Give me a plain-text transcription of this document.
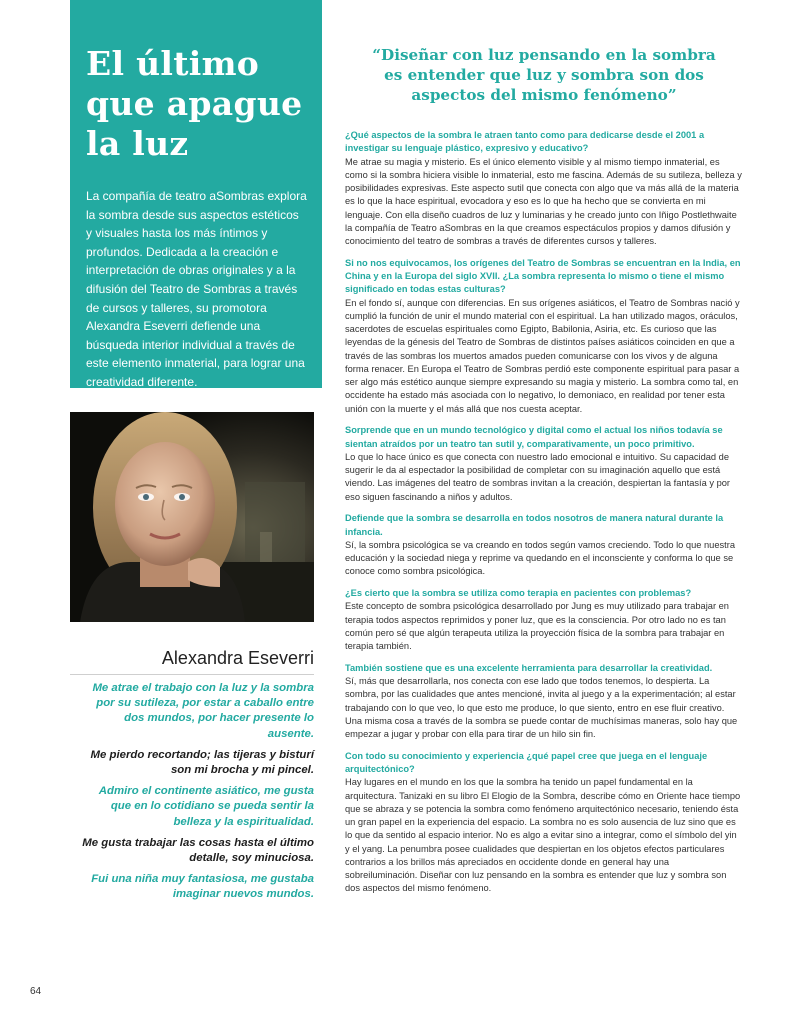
El último
que apague
la luz

La compañía de teatro aSombras explora la sombra desde sus aspectos estéticos y visuales hasta los más íntimos y profundos. Dedicada a la creación e interpretación de obras originales y a la difusión del Teatro de Sombras a través de cursos y talleres, su promotora Alexandra Eseverri defiende una búsqueda interior individual a través de este elemento inmaterial, para lograr una creatividad diferente.

Alexandra Eseverri

Me atrae el trabajo con la luz y la sombra por su sutileza, por estar a caballo entre dos mundos, por hacer presente lo ausente.

Me pierdo recortando; las tijeras y bisturí son mi brocha y mi pincel.

Admiro el continente asiático, me gusta que en lo cotidiano se pueda sentir la belleza y la espiritualidad.

Me gusta trabajar las cosas hasta el último detalle, soy minuciosa.

Fui una niña muy fantasiosa, me gustaba imaginar nuevos mundos.

“Diseñar con luz pensando en la sombra
es entender que luz y sombra son dos
aspectos del mismo fenómeno”

¿Qué aspectos de la sombra le atraen tanto como para dedicarse desde el 2001 a investigar su lenguaje plástico, expresivo y educativo?

Me atrae su magia y misterio. Es el único elemento visible y al mismo tiempo inmaterial, es como si la sombra hiciera visible lo inmaterial, esto me fascina. Además de su sutileza, belleza y posibilidades expresivas. Este aspecto sutil que conecta con algo que va más allá de la materia es lo que la hace espiritual, evocadora y eso es lo que ha hecho que se convierta en mi lenguaje. Con ella diseño cuadros de luz y luminarias y he creado junto con Iñigo Postlethwaite la compañía de Teatro aSombras en la que creamos espectáculos propios y damos difusión y conocimiento del teatro de sombras a través de diferentes cursos y talleres.

Si no nos equivocamos, los orígenes del Teatro de Sombras se encuentran en la India, en China y en la Europa del siglo XVII. ¿La sombra representa lo mismo o tiene el mismo significado en todas estas culturas?

En el fondo sí, aunque con diferencias. En sus orígenes asiáticos, el Teatro de Sombras nació y cumplió la función de unir el mundo material con el espiritual. La han utilizado magos, oráculos, sacerdotes de escuelas espirituales como Egipto, Babilonia, Asiria, etc. Es curioso que las leyendas de la génesis del Teatro de Sombras de distintos países asiáticos coinciden en que a través de las sombras los muertos amados pueden comunicarse con los vivos y de alguna forma renacer. En Europa el Teatro de Sombras perdió este componente espiritual para pasar a ser algo más estético aunque siempre expresando su magia y misterio. La sombra como tal, en occidente ha estado más asociada con lo negativo, lo demoniaco, en realidad por tener esta unión con la muerte y el más allá que nos cuesta aceptar.

Sorprende que en un mundo tecnológico y digital como el actual los niños todavía se sientan atraídos por un teatro tan sutil y, comparativamente, un poco primitivo.

Lo que lo hace único es que conecta con nuestro lado emocional e intuitivo. Su capacidad de sugerir le da al espectador la posibilidad de completar con su imaginación aquello que está viendo. Las imágenes del teatro de sombras invitan a la creación, despiertan la fantasía y por eso siguen fascinando a niños y adultos.

Defiende que la sombra se desarrolla en todos nosotros de manera natural durante la infancia.

Sí, la sombra psicológica se va creando en todos según vamos creciendo. Todo lo que nuestra educación y la sociedad niega y reprime va quedando en el inconsciente y conforma lo que se conoce como sombra psicológica.

¿Es cierto que la sombra se utiliza como terapia en pacientes con problemas?

Este concepto de sombra psicológica desarrollado por Jung es muy utilizado para trabajar en terapia todos aspectos reprimidos y poner luz, que es la consciencia. Por otro lado no es tan común pero sé que algún terapeuta utiliza la proyección física de la sombra para trabajar en terapia también.

También sostiene que es una excelente herramienta para desarrollar la creatividad.

Sí, más que desarrollarla, nos conecta con ese lado que todos tenemos, lo despierta. La sombra, por las cualidades que antes mencioné, invita al juego y a la experimentación; al estar trabajando con lo que veo, lo que esto me produce, lo que siento, entro en ese fluir creativo. Una misma cosa a través de la sombra se puede contar de muchísimas maneras, solo hay que empezar a jugar y probar con ella para tirar de un hilo sin fin.

Con todo su conocimiento y experiencia ¿qué papel cree que juega en el lenguaje arquitectónico?

Hay lugares en el mundo en los que la sombra ha tenido un papel fundamental en la arquitectura. Tanizaki en su libro El Elogio de la Sombra, describe cómo en Oriente hace tiempo que se abraza y se potencia la sombra como fenómeno arquitectónico necesario, teniendo ésta un gran papel en la experiencia del espacio. La sombra no es solo ausencia de luz sino que es lo que da sentido al espacio interior. No es algo a evitar sino a integrar, como el símbolo del yin y el yang. La penumbra posee cualidades que despiertan en los objetos efectos particulares contrarios a los brillos más apreciados en occidente donde en general hay una sobreiluminación. Diseñar con luz pensando en la sombra es entender que luz y sombra son dos aspectos del mismo fenómeno.

64
